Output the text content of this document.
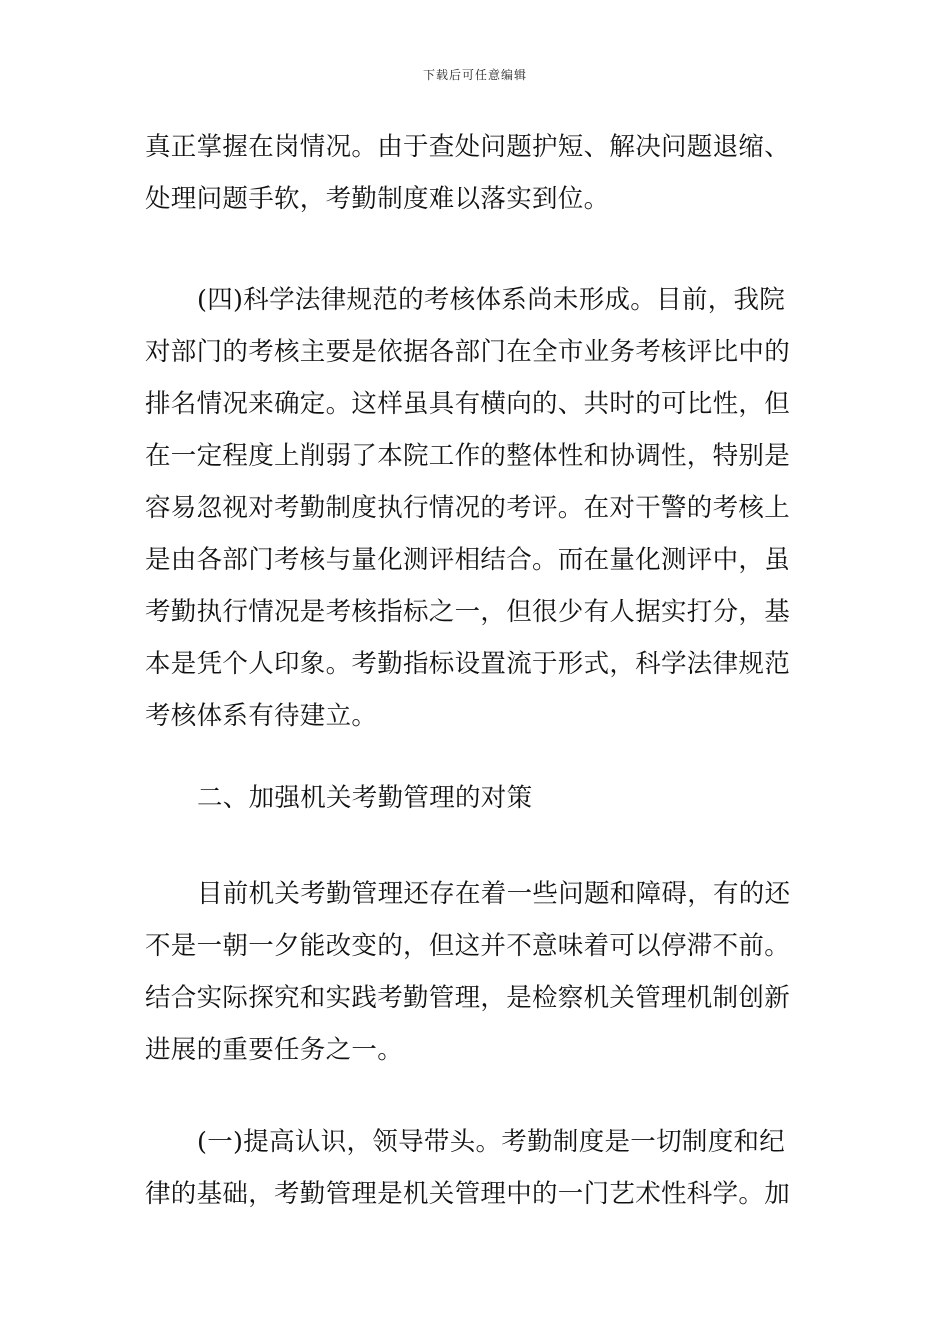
下载后可任意编辑
真正掌握在岗情况。由于查处问题护短、解决问题退缩、
处理问题手软，考勤制度难以落实到位。
(四)科学法律规范的考核体系尚未形成。目前，我院
对部门的考核主要是依据各部门在全市业务考核评比中的
排名情况来确定。这样虽具有横向的、共时的可比性，但
在一定程度上削弱了本院工作的整体性和协调性，特别是
容易忽视对考勤制度执行情况的考评。在对干警的考核上
是由各部门考核与量化测评相结合。而在量化测评中，虽
考勤执行情况是考核指标之一，但很少有人据实打分，基
本是凭个人印象。考勤指标设置流于形式，科学法律规范
考核体系有待建立。
二、加强机关考勤管理的对策
目前机关考勤管理还存在着一些问题和障碍，有的还
不是一朝一夕能改变的，但这并不意味着可以停滞不前。
结合实际探究和实践考勤管理，是检察机关管理机制创新
进展的重要任务之一。
(一)提高认识，领导带头。考勤制度是一切制度和纪
律的基础，考勤管理是机关管理中的一门艺术性科学。加
